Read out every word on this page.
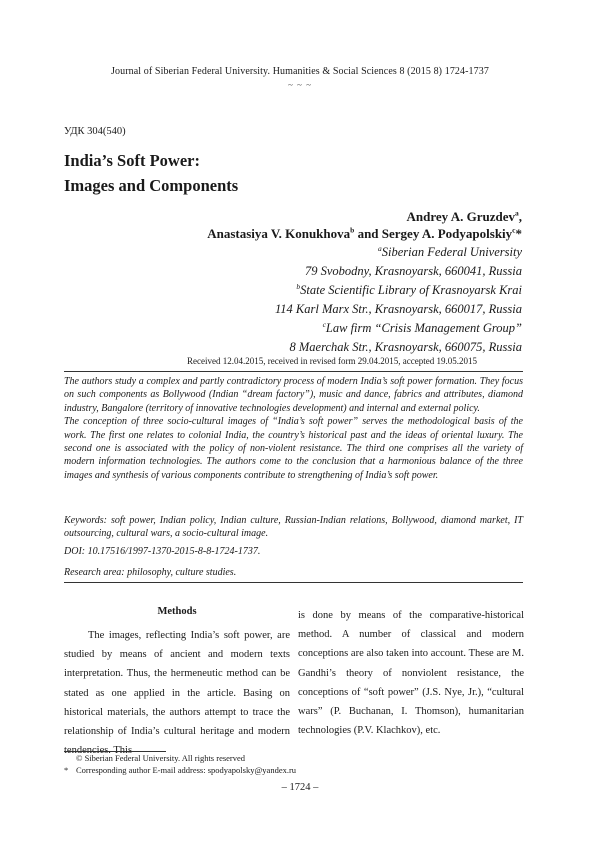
Journal of Siberian Federal University. Humanities & Social Sciences 8 (2015 8) 1724-1737
~ ~ ~
УДК 304(540)
India’s Soft Power:
Images and Components
Andrey A. Gruzdev$^a$,
Anastasiya V. Konukhova$^b$ and Sergey A. Podyapolskiy$^c$*
$^a$Siberian Federal University
79 Svobodny, Krasnoyarsk, 660041, Russia
$^b$State Scientific Library of Krasnoyarsk Krai
114 Karl Marx Str., Krasnoyarsk, 660017, Russia
$^c$Law firm “Crisis Management Group”
8 Maerchak Str., Krasnoyarsk, 660075, Russia
Received 12.04.2015, received in revised form 29.04.2015, accepted 19.05.2015

The authors study a complex and partly contradictory process of modern India’s soft power formation. They focus on such components as Bollywood (Indian “dream factory”), music and dance, fabrics and attributes, diamond industry, Bangalore (territory of innovative technologies development) and internal and external policy.

The conception of three socio-cultural images of “India’s soft power” serves the methodological basis of the work. The first one relates to colonial India, the country’s historical past and the ideas of oriental luxury. The second one is associated with the policy of non-violent resistance. The third one comprises all the variety of modern information technologies. The authors come to the conclusion that a harmonious balance of the three images and synthesis of various components contribute to strengthening of India’s soft power.

Keywords: soft power, Indian policy, Indian culture, Russian-Indian relations, Bollywood, diamond market, IT outsourcing, cultural wars, a socio-cultural image.
DOI: 10.17516/1997-1370-2015-8-8-1724-1737.
Research area: philosophy, culture studies.
Methods

The images, reflecting India’s soft power, are studied by means of ancient and modern texts interpretation. Thus, the hermeneutic method can be stated as one applied in the article. Basing on historical materials, the authors attempt to trace the relationship of India’s cultural heritage and modern tendencies. This

is done by means of the comparative-historical method. A number of classical and modern conceptions are also taken into account. These are M. Gandhi’s theory of nonviolent resistance, the conceptions of “soft power” (J.S. Nye, Jr.), “cultural wars” (P. Buchanan, I. Thomson), humanitarian technologies (P.V. Klachkov), etc.

© Siberian Federal University. All rights reserved
* Corresponding author E-mail address: spodyapolsky@yandex.ru
– 1724 –
